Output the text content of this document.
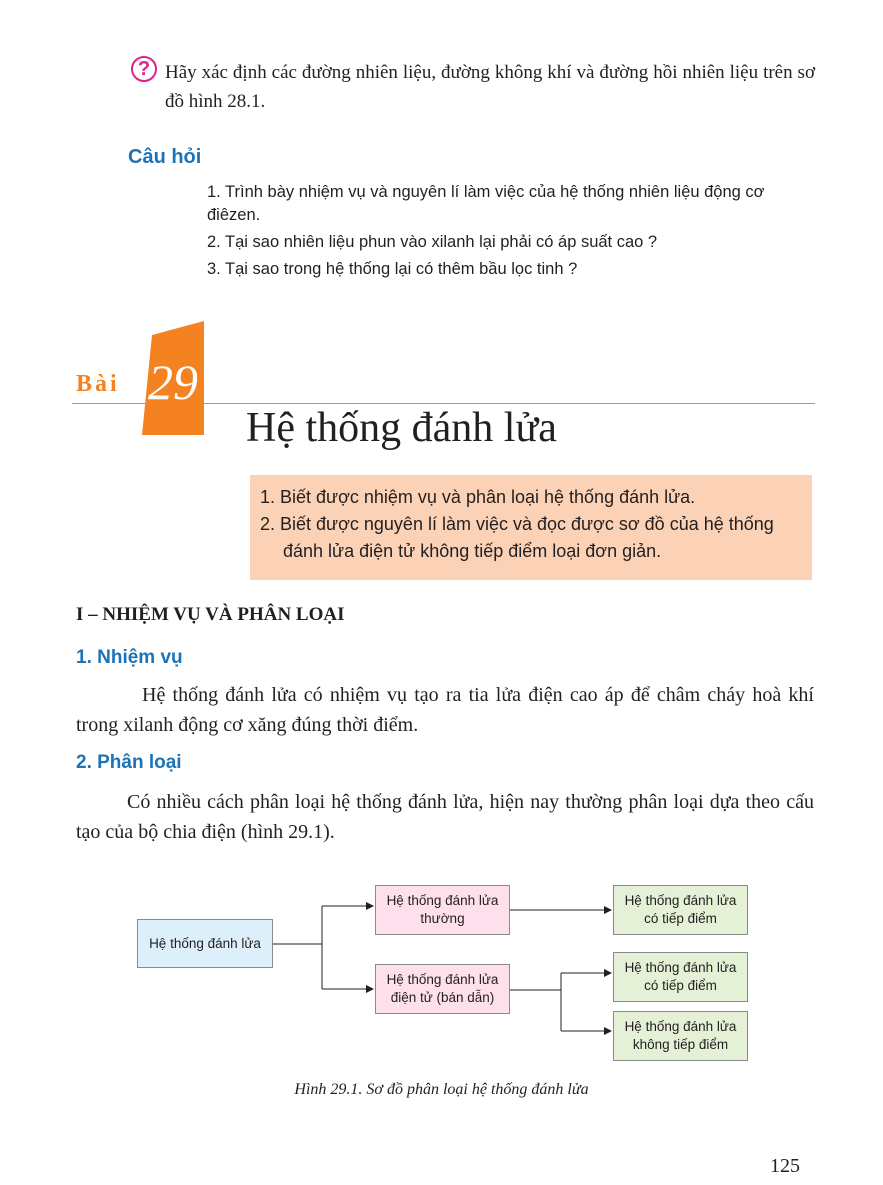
? Hãy xác định các đường nhiên liệu, đường không khí và đường hồi nhiên liệu trên sơ đồ hình 28.1.
Câu hỏi

1. Trình bày nhiệm vụ và nguyên lí làm việc của hệ thống nhiên liệu động cơ điêzen.

2. Tại sao nhiên liệu phun vào xilanh lại phải có áp suất cao ?

3. Tại sao trong hệ thống lại có thêm bầu lọc tinh ?

Bài 29
Hệ thống đánh lửa

1. Biết được nhiệm vụ và phân loại hệ thống đánh lửa.

2. Biết được nguyên lí làm việc và đọc được sơ đồ của hệ thống đánh lửa điện tử không tiếp điểm loại đơn giản.

I – NHIỆM VỤ VÀ PHÂN LOẠI
1. Nhiệm vụ

Hệ thống đánh lửa có nhiệm vụ tạo ra tia lửa điện cao áp để châm cháy hoà khí trong xilanh động cơ xăng đúng thời điểm.

2. Phân loại

Có nhiều cách phân loại hệ thống đánh lửa, hiện nay thường phân loại dựa theo cấu tạo của bộ chia điện (hình 29.1).

Hệ thống đánh lửa
Hệ thống đánh lửa thường
Hệ thống đánh lửa điện tử (bán dẫn)
Hệ thống đánh lửa có tiếp điểm
Hệ thống đánh lửa có tiếp điểm
Hệ thống đánh lửa không tiếp điểm
Hình 29.1. Sơ đồ phân loại hệ thống đánh lửa
125
